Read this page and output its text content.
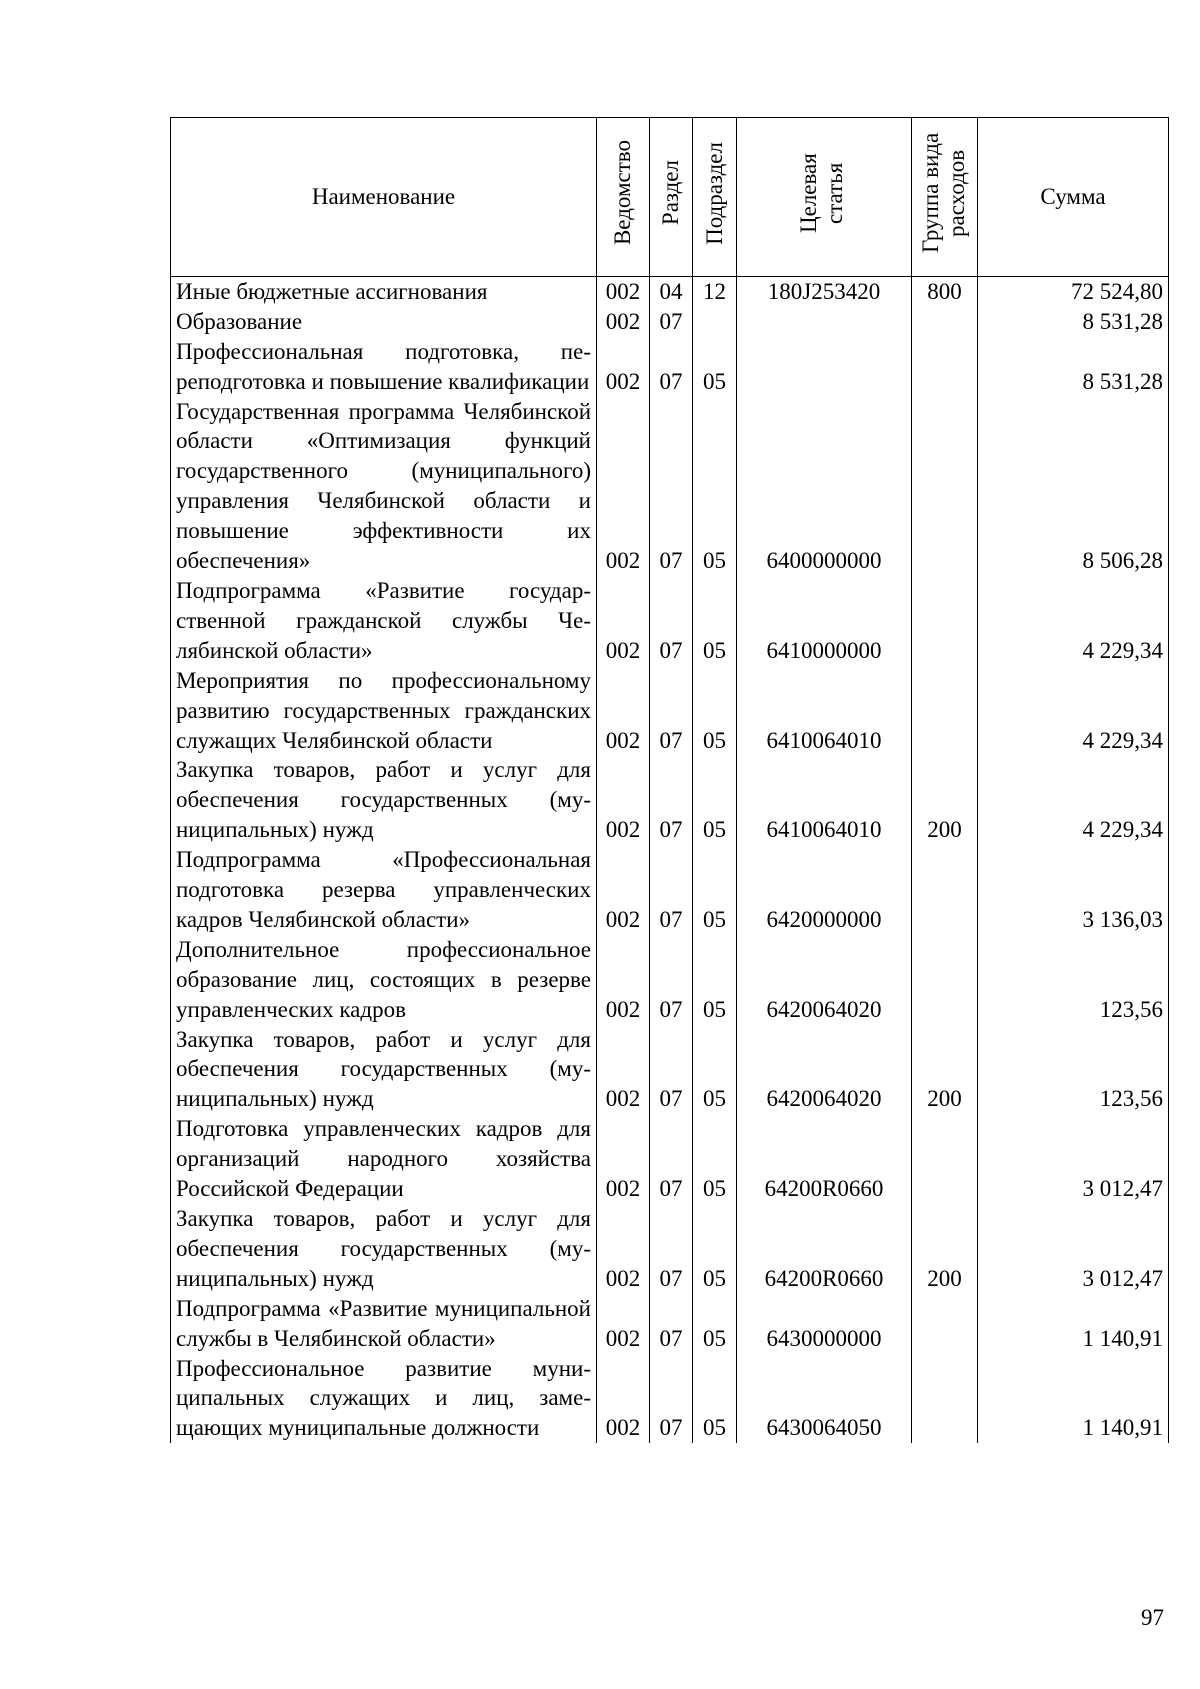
Наименование	Ведомство	Раздел	Подраздел	Целевая статья	Группа вида расходов	Сумма
Иные бюджетные ассигнования	002	04	12	180J253420	800	72 524,80
Образование	002	07				8 531,28
Профессиональная подготовка, переподготовка и повышение квалификации	002	07	05			8 531,28
Государственная программа Челябинской области «Оптимизация функций государственного (муниципального) управления Челябинской области и повышение эффективности их обеспечения»	002	07	05	6400000000		8 506,28
Подпрограмма «Развитие государственной гражданской службы Челябинской области»	002	07	05	6410000000		4 229,34
Мероприятия по профессиональному развитию государственных гражданских служащих Челябинской области	002	07	05	6410064010		4 229,34
Закупка товаров, работ и услуг для обеспечения государственных (муниципальных) нужд	002	07	05	6410064010	200	4 229,34
Подпрограмма «Профессиональная подготовка резерва управленческих кадров Челябинской области»	002	07	05	6420000000		3 136,03
Дополнительное профессиональное образование лиц, состоящих в резерве управленческих кадров	002	07	05	6420064020		123,56
Закупка товаров, работ и услуг для обеспечения государственных (муниципальных) нужд	002	07	05	6420064020	200	123,56
Подготовка управленческих кадров для организаций народного хозяйства Российской Федерации	002	07	05	64200R0660		3 012,47
Закупка товаров, работ и услуг для обеспечения государственных (муниципальных) нужд	002	07	05	64200R0660	200	3 012,47
Подпрограмма «Развитие муниципальной службы в Челябинской области»	002	07	05	6430000000		1 140,91
Профессиональное развитие муниципальных служащих и лиц, замещающих муниципальные должности	002	07	05	6430064050		1 140,91
97
